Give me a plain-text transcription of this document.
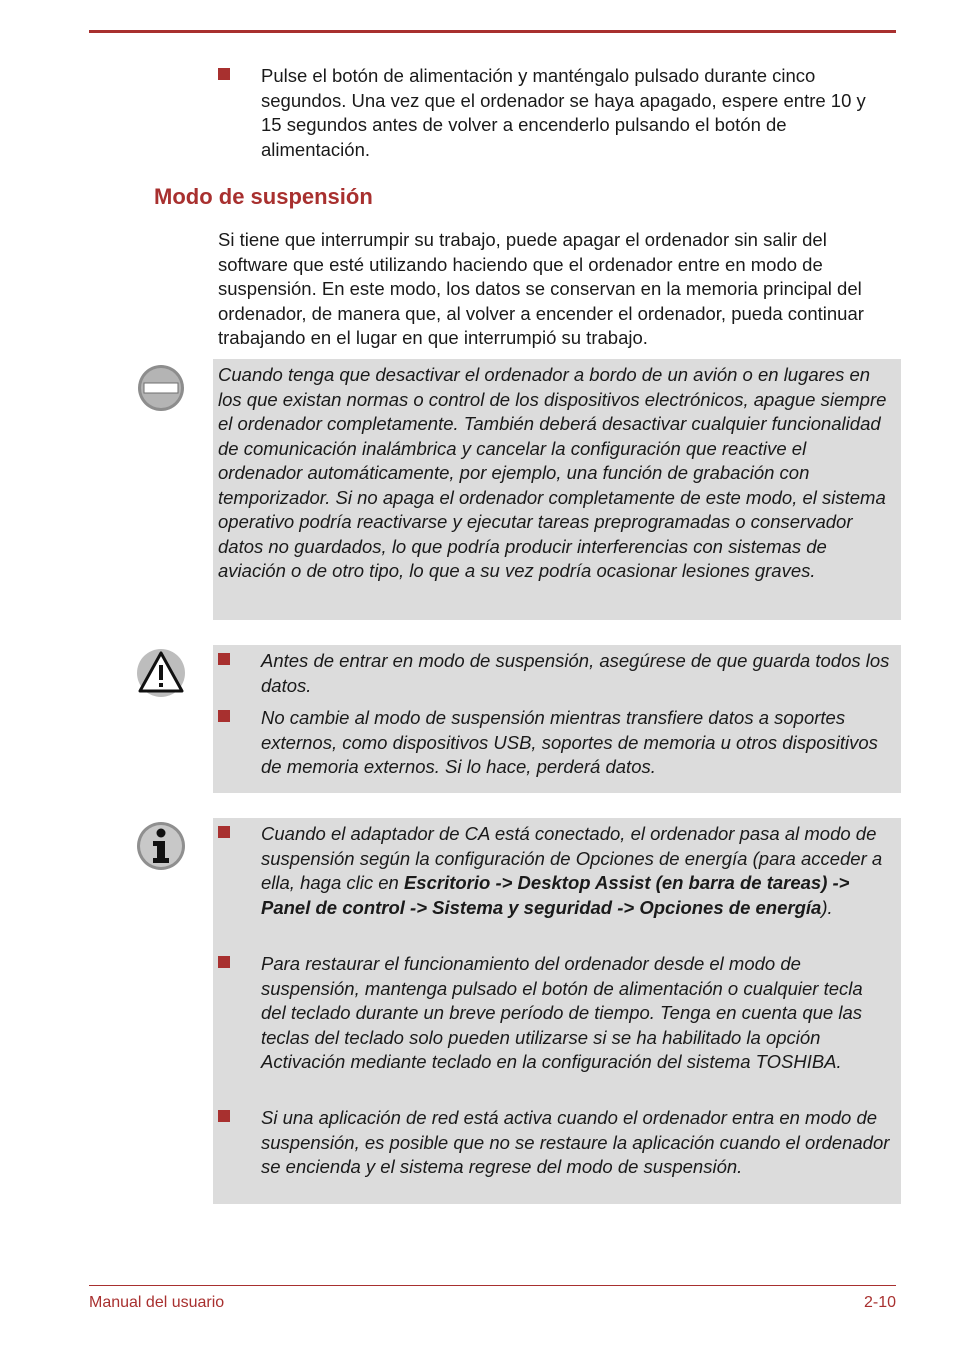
Pulse el botón de alimentación y manténgalo pulsado durante cinco segundos. Una vez que el ordenador se haya apagado, espere entre 10 y 15 segundos antes de volver a encenderlo pulsando el botón de alimentación.
Modo de suspensión

Si tiene que interrumpir su trabajo, puede apagar el ordenador sin salir del software que esté utilizando haciendo que el ordenador entre en modo de suspensión. En este modo, los datos se conservan en la memoria principal del ordenador, de manera que, al volver a encender el ordenador, pueda continuar trabajando en el lugar en que interrumpió su trabajo.

Cuando tenga que desactivar el ordenador a bordo de un avión o en lugares en los que existan normas o control de los dispositivos electrónicos, apague siempre el ordenador completamente. También deberá desactivar cualquier funcionalidad de comunicación inalámbrica y cancelar la configuración que reactive el ordenador automáticamente, por ejemplo, una función de grabación con temporizador. Si no apaga el ordenador completamente de este modo, el sistema operativo podría reactivarse y ejecutar tareas preprogramadas o conservador datos no guardados, lo que podría producir interferencias con sistemas de aviación o de otro tipo, lo que a su vez podría ocasionar lesiones graves.

Antes de entrar en modo de suspensión, asegúrese de que guarda todos los datos.
No cambie al modo de suspensión mientras transfiere datos a soportes externos, como dispositivos USB, soportes de memoria u otros dispositivos de memoria externos. Si lo hace, perderá datos.
Cuando el adaptador de CA está conectado, el ordenador pasa al modo de suspensión según la configuración de Opciones de energía (para acceder a ella, haga clic en Escritorio -> Desktop Assist (en barra de tareas) -> Panel de control -> Sistema y seguridad -> Opciones de energía).
Para restaurar el funcionamiento del ordenador desde el modo de suspensión, mantenga pulsado el botón de alimentación o cualquier tecla del teclado durante un breve período de tiempo. Tenga en cuenta que las teclas del teclado solo pueden utilizarse si se ha habilitado la opción Activación mediante teclado en la configuración del sistema TOSHIBA.
Si una aplicación de red está activa cuando el ordenador entra en modo de suspensión, es posible que no se restaure la aplicación cuando el ordenador se encienda y el sistema regrese del modo de suspensión.
Manual del usuario	2-10
